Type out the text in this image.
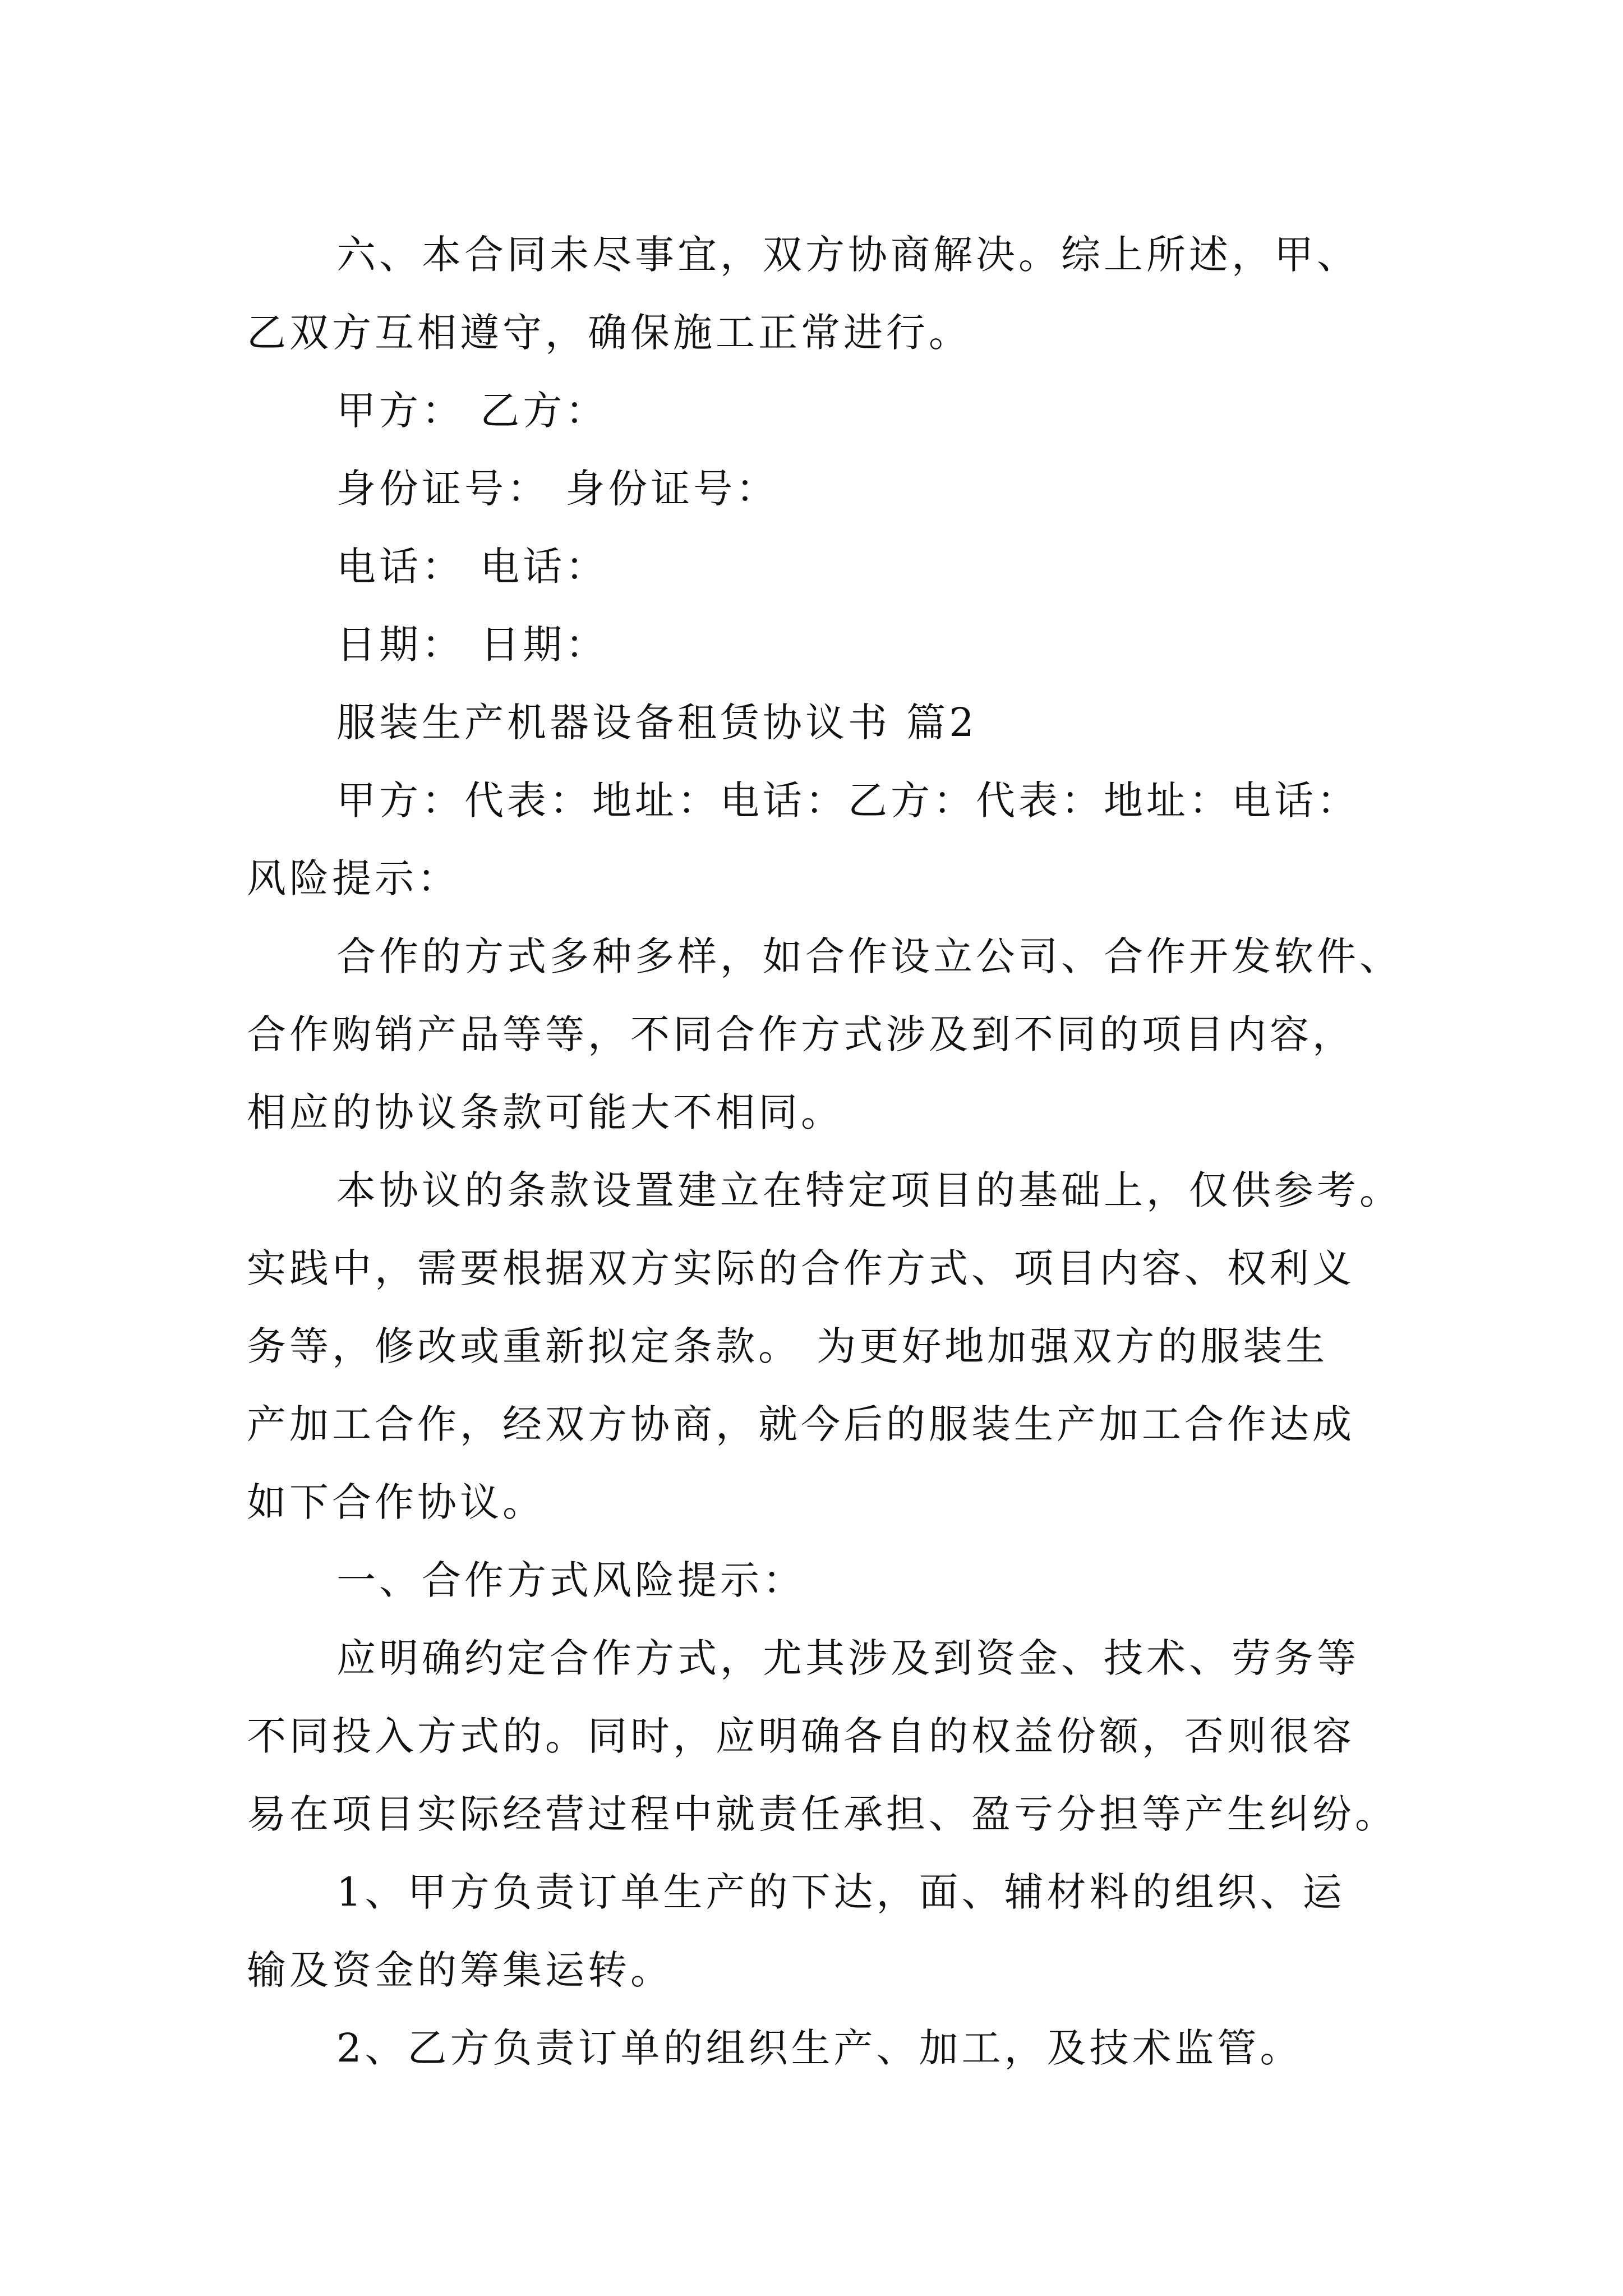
六、本合同未尽事宜，双方协商解决。综上所述，甲、
乙双方互相遵守，确保施工正常进行。
甲方： 乙方：
身份证号： 身份证号：
电话： 电话：
日期： 日期：
服装生产机器设备租赁协议书 篇2
甲方：代表：地址：电话：乙方：代表：地址：电话：
风险提示：
合作的方式多种多样，如合作设立公司、合作开发软件、
合作购销产品等等，不同合作方式涉及到不同的项目内容，
相应的协议条款可能大不相同。
本协议的条款设置建立在特定项目的基础上，仅供参考。
实践中，需要根据双方实际的合作方式、项目内容、权利义
务等，修改或重新拟定条款。 为更好地加强双方的服装生
产加工合作，经双方协商，就今后的服装生产加工合作达成
如下合作协议。
一、合作方式风险提示：
应明确约定合作方式，尤其涉及到资金、技术、劳务等
不同投入方式的。同时，应明确各自的权益份额，否则很容
易在项目实际经营过程中就责任承担、盈亏分担等产生纠纷。
1、甲方负责订单生产的下达，面、辅材料的组织、运
输及资金的筹集运转。
2、乙方负责订单的组织生产、加工，及技术监管。
